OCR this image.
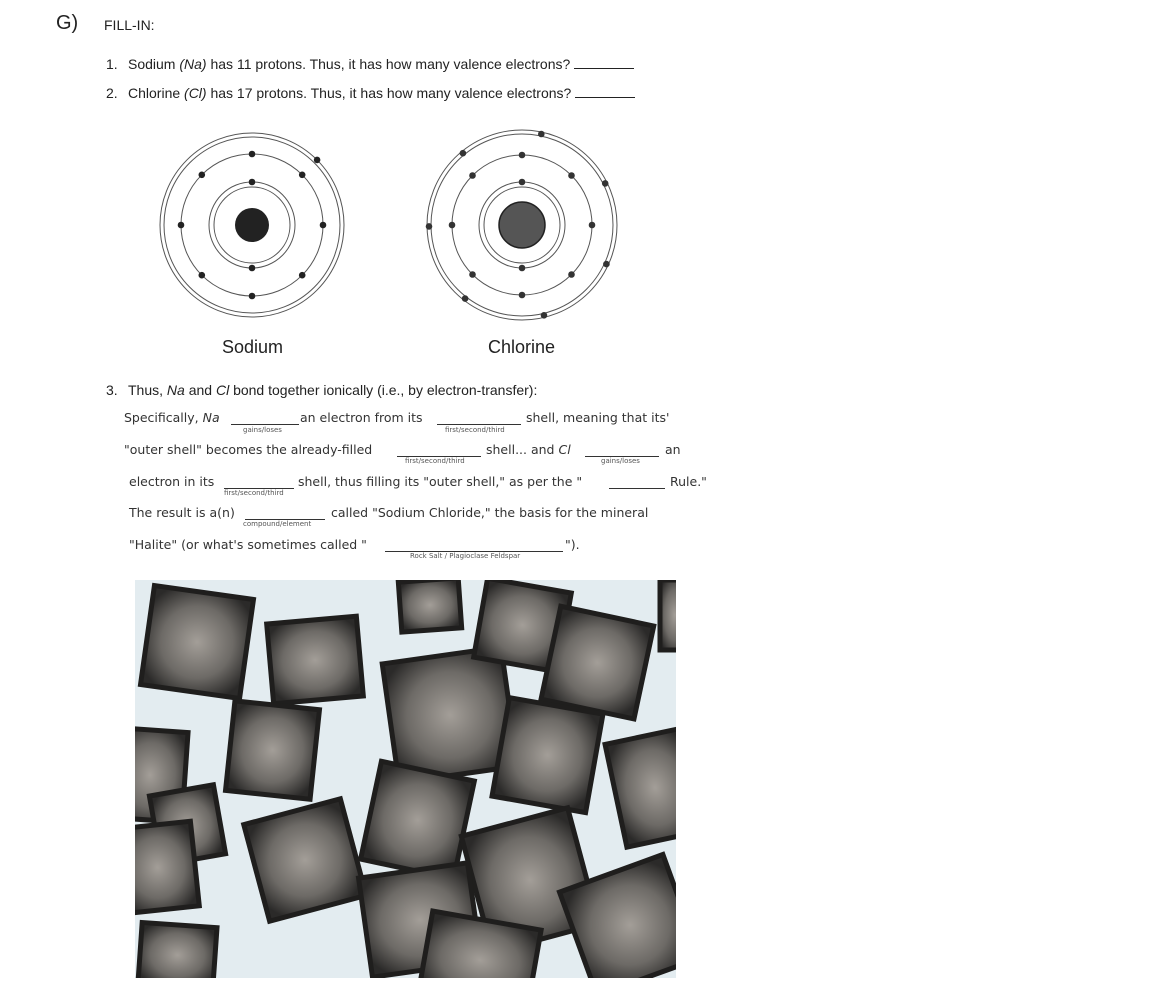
G) FILL-IN:
1. Sodium (Na) has 11 protons. Thus, it has how many valence electrons?
2. Chlorine (Cl) has 17 protons. Thus, it has how many valence electrons?
Sodium	Chlorine
3. Thus, Na and Cl bond together ionically (i.e., by electron-transfer):
Specifically, Na
gains/loses
an electron from its
first/second/third
shell, meaning that its'
"outer shell" becomes the already-filled
first/second/third
shell... and Cl
gains/loses
an
electron in its
first/second/third
shell, thus filling its "outer shell," as per the "	Rule."
The result is a(n)
compound/element
called "Sodium Chloride," the basis for the mineral
"Halite" (or what's sometimes called "
Rock Salt / Plagioclase Feldspar
").
